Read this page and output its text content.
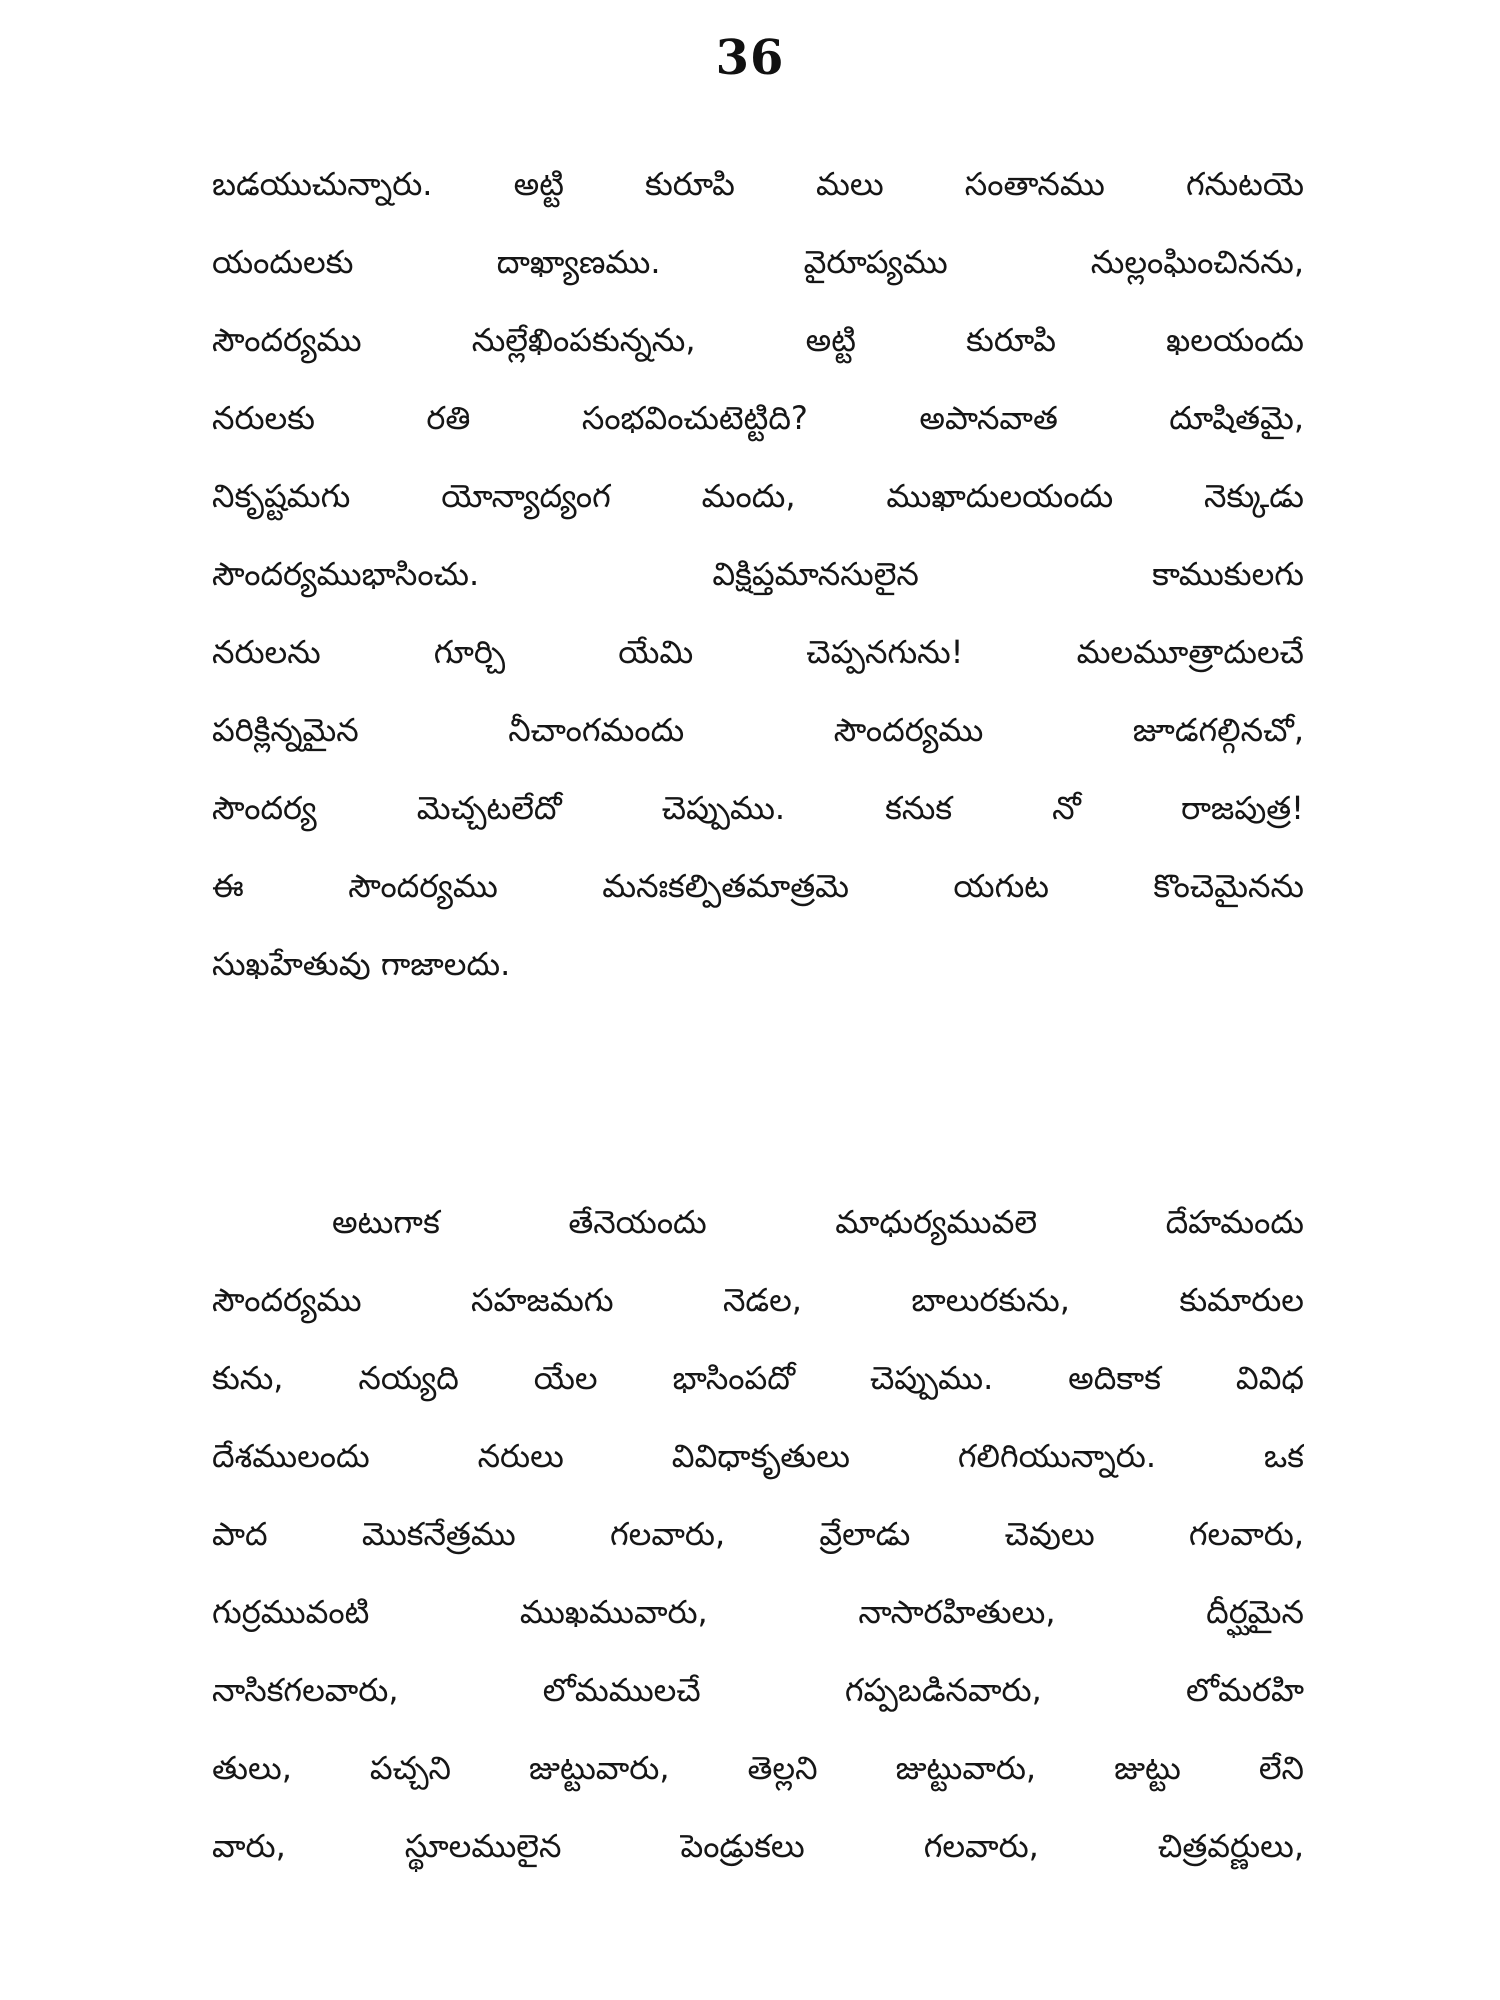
36
బడయుచున్నారు. అట్టి కురూపి మలు సంతానము గనుటయె
యందులకు దాఖ్యాణము. వైరూప్యము నుల్లంఘించినను,
సౌందర్యము నుల్లేఖింపకున్నను, అట్టి కురూపి ఖలయందు
నరులకు రతి సంభవించుటెట్టిది? అపానవాత దూషితమై,
నికృష్టమగు యోన్యాద్యంగ మందు, ముఖాదులయందు నెక్కుడు
సౌందర్యముభాసించు. విక్షిప్తమానసులైన కాముకులగు
నరులను గూర్చి యేమి చెప్పనగును! మలమూత్రాదులచే
పరిక్లిన్నమైన నీచాంగమందు సౌందర్యము జూడగల్గినచో,
సౌందర్య మెచ్చటలేదో చెప్పుము. కనుక నో రాజపుత్ర!
ఈ సౌందర్యము మనఃకల్పితమాత్రమె యగుట కొంచెమైనను
సుఖహేతువు గాజాలదు.
అటుగాక తేనెయందు మాధుర్యమువలె దేహమందు
సౌందర్యము సహజమగు నెడల, బాలురకును, కుమారుల
కును, నయ్యది యేల భాసింపదో చెప్పుము. అదికాక వివిధ
దేశములందు నరులు వివిధాకృతులు గలిగియున్నారు. ఒక
పాద మొకనేత్రము గలవారు, వ్రేలాడు చెవులు గలవారు,
గుర్రమువంటి ముఖమువారు, నాసారహితులు, దీర్ఘమైన
నాసికగలవారు, లోమములచే గప్పబడినవారు, లోమరహి
తులు, పచ్చని జుట్టువారు, తెల్లని జుట్టువారు, జుట్టు లేని
వారు, స్థూలములైన పెండ్రుకలు గలవారు, చిత్రవర్ణులు,
